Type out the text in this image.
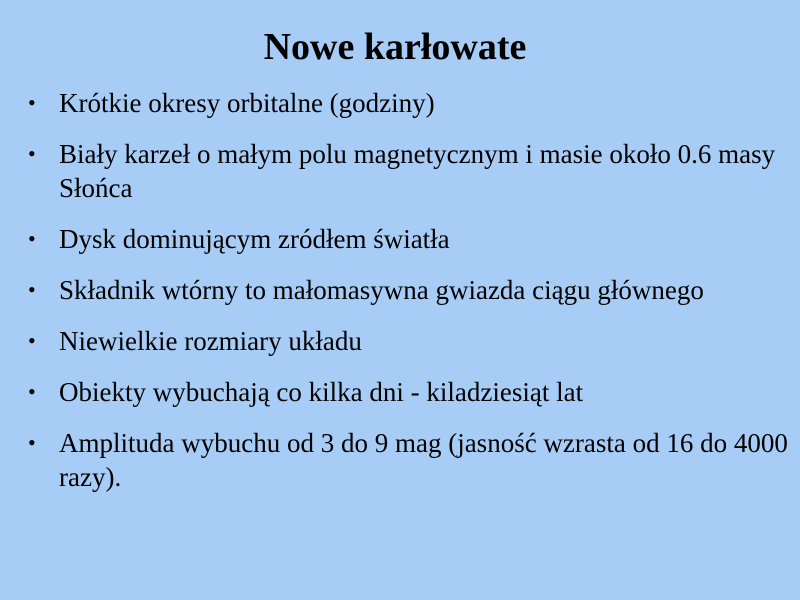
Nowe karłowate
• Krótkie okresy orbitalne (godziny)
• Biały karzeł o małym polu magnetycznym i masie około 0.6 masy Słońca
• Dysk dominującym zródłem światła
• Składnik wtórny to małomasywna gwiazda ciągu głównego
• Niewielkie rozmiary układu
• Obiekty wybuchają co kilka dni - kiladziesiąt lat
• Amplituda wybuchu od 3 do 9 mag (jasność wzrasta od 16 do 4000 razy).
